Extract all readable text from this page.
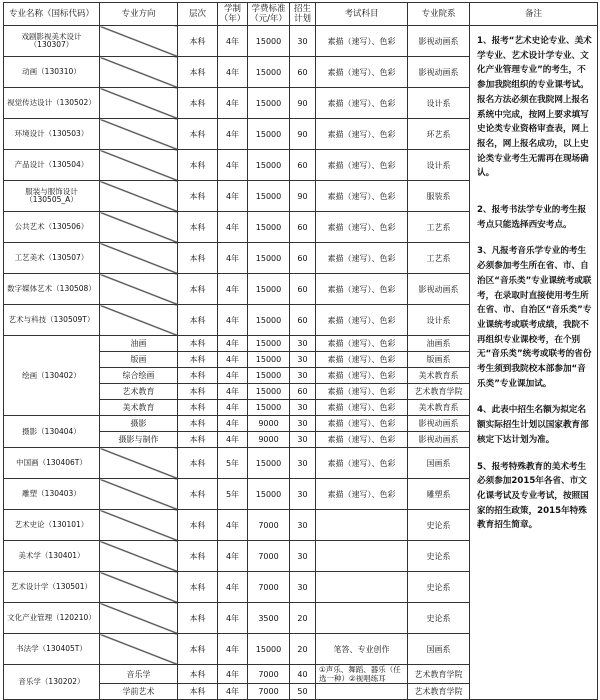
专业名称（国标代码）	专业方向	层次	学制（年）	学费标准（元/年）	招生计划	考试科目	专业院系	备注
戏剧影视美术设计（130307）		本科	4年	15000	30	素描（速写）、色彩	影视动画系	1、报考“艺术史论专业、美术学专业、艺术设计学专业、文化产业管理专业”的考生，不参加我院组织的专业课考试。报名方法必须在我院网上报名系统中完成，按网上要求填写史论类专业资格审查表，网上报名，网上报名成功，以上史论类专业考生无需再在现场确认。

2、报考书法学专业的考生报考点只能选择西安考点。

3、凡报考音乐学专业的考生必须参加考生所在省、市、自治区“音乐类”专业课统考或联考，在录取时直接使用考生所在省、市、自治区“音乐类”专业课统考或联考成绩，我院不再组织专业课校考，在个别无“音乐类”统考或联考的省份考生须到我院校本部参加“音乐类”专业课加试。

4、此表中招生名额为拟定名额实际招生计划以国家教育部核定下达计划为准。

5、报考特殊教育的美术考生必须参加2015年各省、市文化课考试及专业考试，按照国家的招生政策，2015年特殊教育招生简章。

动画（130310）		本科	4年	15000	60	素描（速写）、色彩	影视动画系	
视觉传达设计（130502）		本科	4年	15000	90	素描（速写）、色彩	设计系	
环境设计（130503）		本科	4年	15000	90	素描（速写）、色彩	环艺系	
产品设计（130504）		本科	4年	15000	60	素描（速写）、色彩	设计系	
服装与服饰设计（130505_A）		本科	4年	15000	90	素描（速写）、色彩	服装系	
公共艺术（130506）		本科	4年	15000	60	素描（速写）、色彩	工艺系	
工艺美术（130507）		本科	4年	15000	60	素描（速写）、色彩	工艺系	
数字媒体艺术（130508）		本科	4年	15000	60	素描（速写）、色彩	影视动画系	
艺术与科技（130509T）		本科	4年	15000	60	素描（速写）、色彩	设计系	
绘画（130402）	油画	本科	4年	15000	30	素描（速写）、色彩	油画系	
	版画	本科	4年	15000	30	素描（速写）、色彩	版画系	
	综合绘画	本科	4年	15000	30	素描（速写）、色彩	美术教育系	
	艺术教育	本科	4年	15000	60	素描（速写）、色彩	艺术教育学院	
	美术教育	本科	4年	15000	30	素描（速写）、色彩	美术教育系	
摄影（130404）	摄影	本科	4年	9000	30	素描（速写）、色彩	影视动画系	
	摄影与制作	本科	4年	9000	30	素描（速写）、色彩	影视动画系	
中国画（130406T）		本科	5年	15000	30	素描（速写）、色彩	国画系	
雕塑（130403）		本科	5年	15000	30	素描（速写）、色彩	雕塑系	
艺术史论（130101）		本科	4年	7000	30		史论系	
美术学（130401）		本科	4年	7000	30		史论系	
艺术设计学（130501）		本科	4年	7000	30		史论系	
文化产业管理（120210）		本科	4年	3500	20		史论系	
书法学（130405T）		本科	4年	15000	20	笔答、专业创作	国画系	
音乐学（130202）	音乐学	本科	4年	7000	40	①声乐、舞蹈、器乐（任选一种）②视唱练耳	艺术教育学院	
	学前艺术	本科	4年	7000	50		艺术教育学院	
